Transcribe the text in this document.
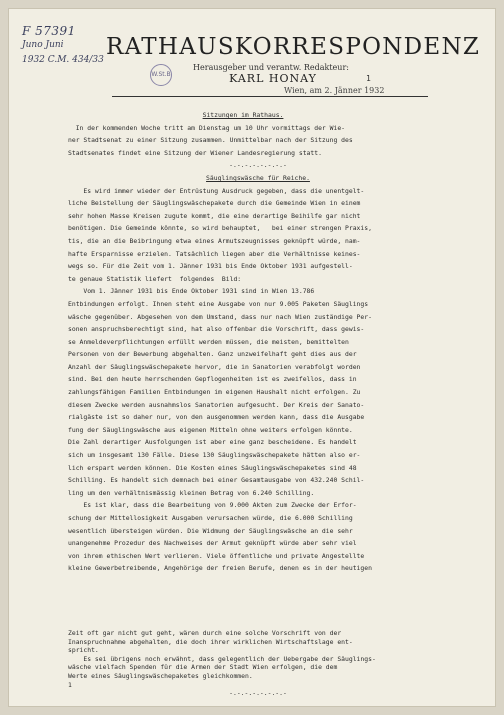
F 57391
Juno Juni
1932 C.M. 434/33
W.St.B
RATHAUSKORRESPONDENZ
Herausgeber und verantw. Redakteur:
KARL HONAY	1
Wien, am 2. Jänner 1932
Sitzungen im Rathaus.
In der kommenden Woche tritt am Dienstag um 10 Uhr vormittags der Wie-
ner Stadtsenat zu einer Sitzung zusammen. Unmittelbar nach der Sitzung des
Stadtsenates findet eine Sitzung der Wiener Landesregierung statt.
-.-.-.-.-.-.-.-
Säuglingswäsche für Reiche.
Es wird immer wieder der Entrüstung Ausdruck gegeben, dass die unentgelt-
liche Beistellung der Säuglingswäschepakete durch die Gemeinde Wien in einem
sehr hohen Masse Kreisen zugute kommt, die eine derartige Beihilfe gar nicht
benötigen. Die Gemeinde könnte, so wird behauptet,   bei einer strengen Praxis,
tis, die an die Beibringung etwa eines Armutszeugnisses geknüpft würde, nam-
hafte Ersparnisse erzielen. Tatsächlich liegen aber die Verhältnisse keines-
wegs so. Für die Zeit vom 1. Jänner 1931 bis Ende Oktober 1931 aufgestell-
te genaue Statistik liefert  folgendes  Bild:
Vom 1. Jänner 1931 bis Ende Oktober 1931 sind in Wien 13.786
Entbindungen erfolgt. Ihnen steht eine Ausgabe von nur 9.005 Paketen Säuglings
wäsche gegenüber. Abgesehen von dem Umstand, dass nur nach Wien zuständige Per-
sonen anspruchsberechtigt sind, hat also offenbar die Vorschrift, dass gewis-
se Anmeldeverpflichtungen erfüllt werden müssen, die meisten, bemittelten
Personen von der Bewerbung abgehalten. Ganz unzweifelhaft geht dies aus der
Anzahl der Säuglingswäschepakete hervor, die in Sanatorien verabfolgt worden
sind. Bei den heute herrschenden Gepflogenheiten ist es zweifellos, dass in
zahlungsfähigen Familien Entbindungen im eigenen Haushalt nicht erfolgen. Zu
diesem Zwecke werden ausnahmslos Sanatorien aufgesucht. Der Kreis der Sanato-
rialgäste ist so daher nur, von den ausgenommen werden kann, dass die Ausgabe
fung der Säuglingswäsche aus eigenen Mitteln ohne weiters erfolgen könnte.
Die Zahl derartiger Ausfolgungen ist aber eine ganz bescheidene. Es handelt
sich um insgesamt 130 Fälle. Diese 130 Säuglingswäschepakete hätten also er-
lich erspart werden können. Die Kosten eines Säuglingswäschepaketes sind 48
Schilling. Es handelt sich demnach bei einer Gesamtausgabe von 432.240 Schil-
ling um den verhältnismässig kleinen Betrag von 6.240 Schilling.
Es ist klar, dass die Bearbeitung von 9.000 Akten zum Zwecke der Erfor-
schung der Mittellosigkeit Ausgaben verursachen würde, die 6.000 Schilling
wesentlich übersteigen würden. Die Widmung der Säuglingswäsche an die sehr
unangenehme Prozedur des Nachweises der Armut geknüpft würde aber sehr viel
von ihrem ethischen Wert verlieren. Viele öffentliche und private Angestellte
kleine Gewerbetreibende, Angehörige der freien Berufe, denen es in der heutigen
Zeit oft gar nicht gut geht, wären durch eine solche Vorschrift von der
Inanspruchnahme abgehalten, die doch ihrer wirklichen Wirtschaftslage ent-
spricht.
Es sei übrigens noch erwähnt, dass gelegentlich der Uebergabe der Säuglings-
wäsche vielfach Spenden für die Armen der Stadt Wien erfolgen, die dem
Werte eines Säuglingswäschepaketes gleichkommen.
1
-.-.-.-.-.-.-.-
